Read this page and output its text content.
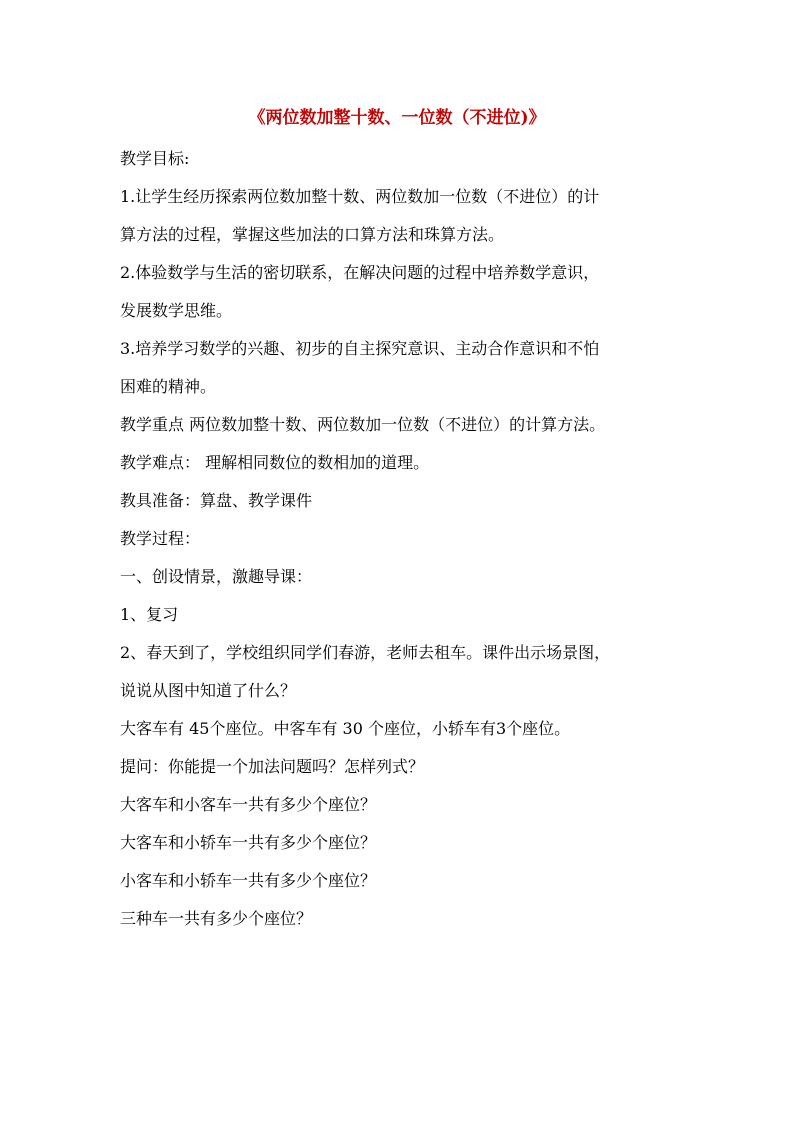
《两位数加整十数、一位数（不进位)》
教学目标:
1.让学生经历探索两位数加整十数、两位数加一位数（不进位）的计
算方法的过程，掌握这些加法的口算方法和珠算方法。
2.体验数学与生活的密切联系，在解决问题的过程中培养数学意识，
发展数学思维。
3.培养学习数学的兴趣、初步的自主探究意识、主动合作意识和不怕
困难的精神。
教学重点 两位数加整十数、两位数加一位数（不进位）的计算方法。
教学难点： 理解相同数位的数相加的道理。
教具准备：算盘、教学课件
教学过程：
一、创设情景，激趣导课：
1、复习
2、春天到了，学校组织同学们春游，老师去租车。课件出示场景图，
说说从图中知道了什么？
大客车有 45个座位。中客车有 30 个座位，小轿车有3个座位。
提问：你能提一个加法问题吗？怎样列式？
大客车和小客车一共有多少个座位？
大客车和小轿车一共有多少个座位？
小客车和小轿车一共有多少个座位？
三种车一共有多少个座位？
